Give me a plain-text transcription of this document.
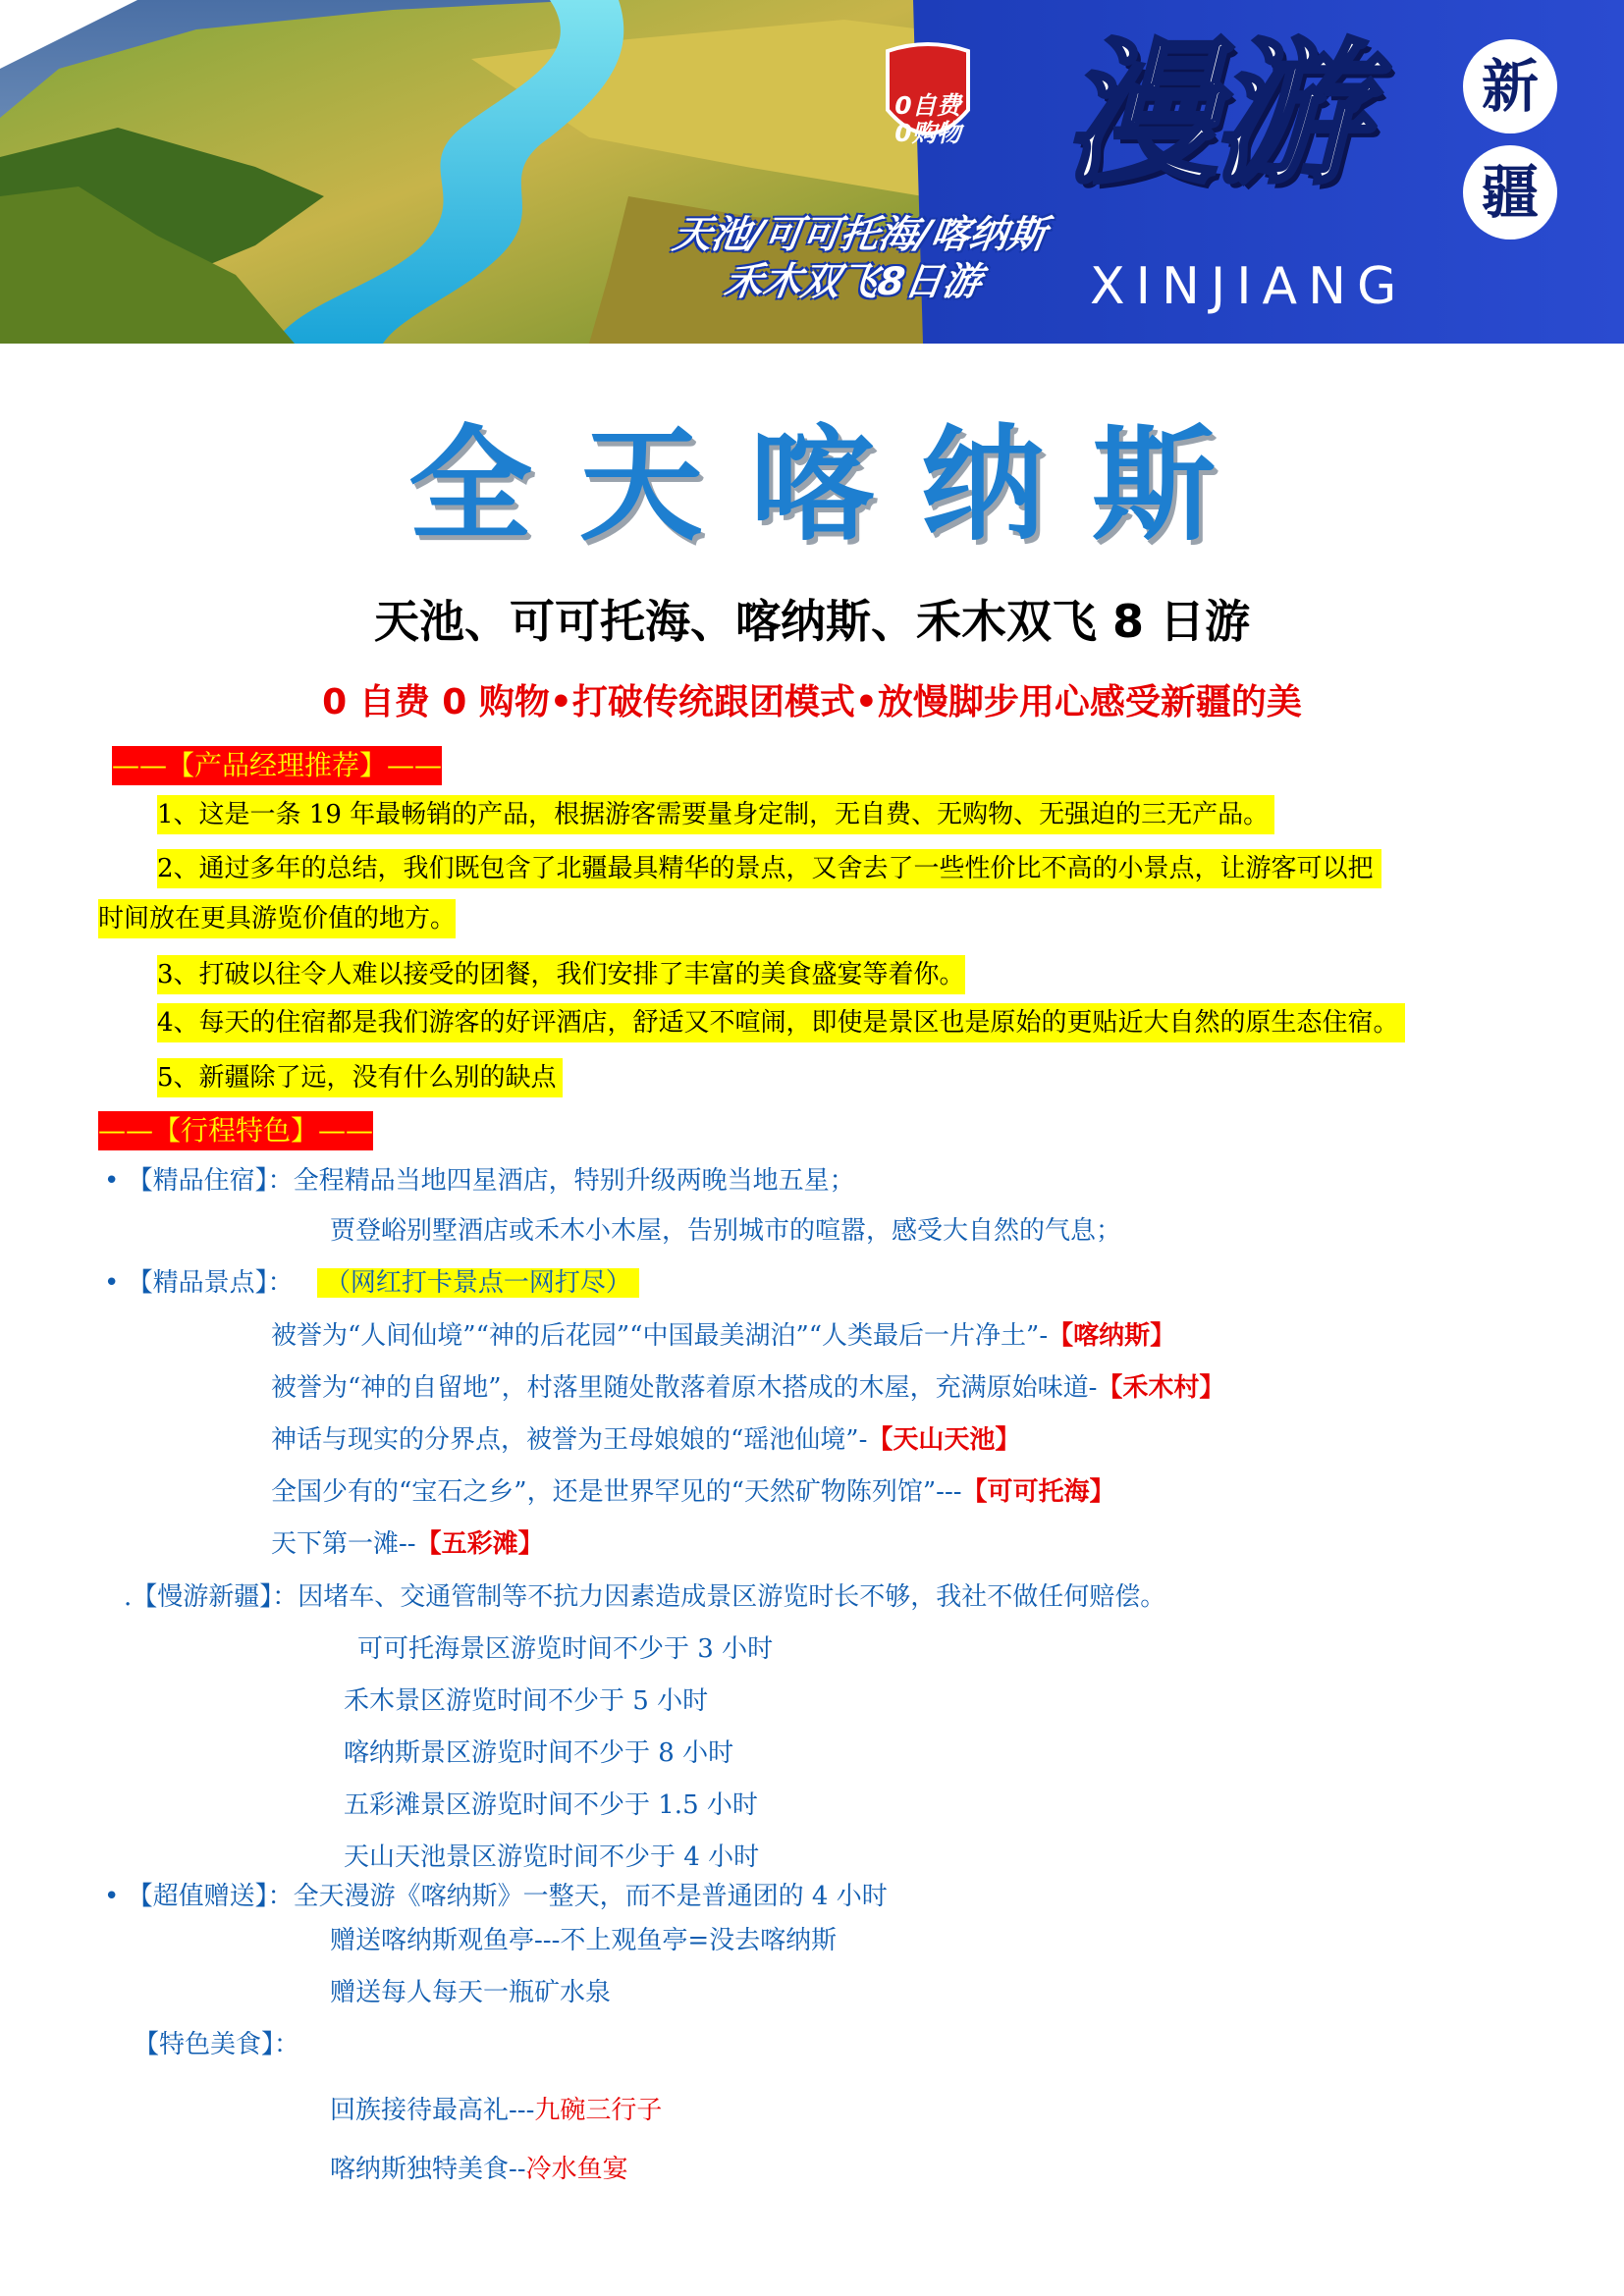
0自费
0购物 漫游	新
疆

XINJIANG

天池/可可托海/喀纳斯
禾木双飞8日游
全天喀纳斯
天池、可可托海、喀纳斯、禾木双飞 8 日游

0 自费 0 购物•打破传统跟团模式•放慢脚步用心感受新疆的美

——【产品经理推荐】——

1、这是一条 19 年最畅销的产品，根据游客需要量身定制，无自费、无购物、无强迫的三无产品。

2、通过多年的总结，我们既包含了北疆最具精华的景点，又舍去了一些性价比不高的小景点，让游客可以把

时间放在更具游览价值的地方。

3、打破以往令人难以接受的团餐，我们安排了丰富的美食盛宴等着你。

4、每天的住宿都是我们游客的好评酒店，舒适又不喧闹，即使是景区也是原始的更贴近大自然的原生态住宿。

5、新疆除了远，没有什么别的缺点

——【行程特色】——

• 【精品住宿】：全程精品当地四星酒店，特别升级两晚当地五星；

贾登峪别墅酒店或禾木小木屋，告别城市的喧嚣，感受大自然的气息；

• 【精品景点】： （网红打卡景点一网打尽）

被誉为“人间仙境”“神的后花园”“中国最美湖泊”“人类最后一片净土”-【喀纳斯】

被誉为“神的自留地”，村落里随处散落着原木搭成的木屋，充满原始味道-【禾木村】

神话与现实的分界点，被誉为王母娘娘的“瑶池仙境”-【天山天池】

全国少有的“宝石之乡”，还是世界罕见的“天然矿物陈列馆”---【可可托海】

天下第一滩--【五彩滩】

.【慢游新疆】：因堵车、交通管制等不抗力因素造成景区游览时长不够，我社不做任何赔偿。

可可托海景区游览时间不少于 3 小时

禾木景区游览时间不少于 5 小时

喀纳斯景区游览时间不少于 8 小时

五彩滩景区游览时间不少于 1.5 小时

天山天池景区游览时间不少于 4 小时

• 【超值赠送】：全天漫游《喀纳斯》一整天，而不是普通团的 4 小时

赠送喀纳斯观鱼亭---不上观鱼亭=没去喀纳斯

赠送每人每天一瓶矿水泉

【特色美食】：

回族接待最高礼---九碗三行子

喀纳斯独特美食--冷水鱼宴
